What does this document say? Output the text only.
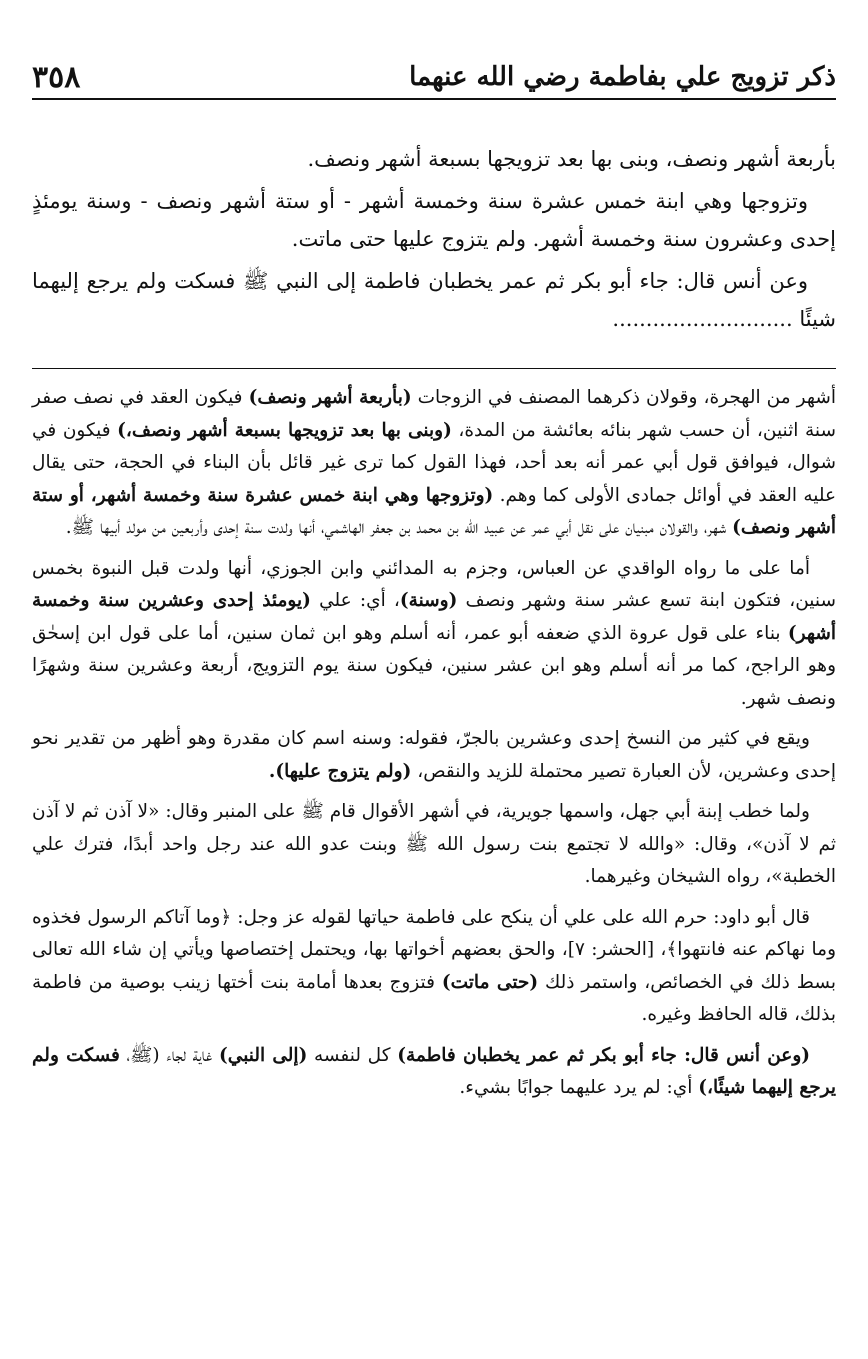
ذكر تزويج علي بفاطمة رضي الله عنهما
٣٥٨

بأربعة أشهر ونصف، وبنى بها بعد تزويجها بسبعة أشهر ونصف.

وتزوجها وهي ابنة خمس عشرة سنة وخمسة أشهر - أو ستة أشهر ونصف - وسنة يومئذٍ إحدى وعشرون سنة وخمسة أشهر. ولم يتزوج عليها حتى ماتت.

وعن أنس قال: جاء أبو بكر ثم عمر يخطبان فاطمة إلى النبي ﷺ فسكت ولم يرجع إليهما شيئًا ...........................

أشهر من الهجرة، وقولان ذكرهما المصنف في الزوجات (بأربعة أشهر ونصف) فيكون العقد في نصف صفر سنة اثنين، أن حسب شهر بنائه بعائشة من المدة، (وبنى بها بعد تزويجها بسبعة أشهر ونصف،) فيكون في شوال، فيوافق قول أبي عمر أنه بعد أحد، فهذا القول كما ترى غير قائل بأن البناء في الحجة، حتى يقال عليه العقد في أوائل جمادى الأولى كما وهم. (وتزوجها وهي ابنة خمس عشرة سنة وخمسة أشهر، أو ستة أشهر ونصف) شهر، والقولان مبنيان على نقل أبي عمر عن عبيد الله بن محمد بن جعفر الهاشمي، أنها ولدت سنة إحدى وأربعين من مولد أبيها ﷺ.

أما على ما رواه الواقدي عن العباس، وجزم به المدائني وابن الجوزي، أنها ولدت قبل النبوة بخمس سنين، فتكون ابنة تسع عشر سنة وشهر ونصف (وسنة)، أي: علي (يومئذ إحدى وعشرين سنة وخمسة أشهر) بناء على قول عروة الذي ضعفه أبو عمر، أنه أسلم وهو ابن ثمان سنين، أما على قول ابن إسحٰق وهو الراجح، كما مر أنه أسلم وهو ابن عشر سنين، فيكون سنة يوم التزويج، أربعة وعشرين سنة وشهرًا ونصف شهر.

ويقع في كثير من النسخ إحدى وعشرين بالجرّ، فقوله: وسنه اسم كان مقدرة وهو أظهر من تقدير نحو إحدى وعشرين، لأن العبارة تصير محتملة للزيد والنقص، (ولم يتزوج عليها).

ولما خطب إبنة أبي جهل، واسمها جويرية، في أشهر الأقوال قام ﷺ على المنبر وقال: «لا آذن ثم لا آذن ثم لا آذن»، وقال: «والله لا تجتمع بنت رسول الله ﷺ وبنت عدو الله عند رجل واحد أبدًا، فترك علي الخطبة»، رواه الشيخان وغيرهما.

قال أبو داود: حرم الله على علي أن ينكح على فاطمة حياتها لقوله عز وجل: ﴿وما آتاكم الرسول فخذوه وما نهاكم عنه فانتهوا﴾، [الحشر: ٧]، والحق بعضهم أخواتها بها، ويحتمل إختصاصها ويأتي إن شاء الله تعالى بسط ذلك في الخصائص، واستمر ذلك (حتى ماتت) فتزوج بعدها أمامة بنت أختها زينب بوصية من فاطمة بذلك، قاله الحافظ وغيره.

(وعن أنس قال: جاء أبو بكر ثم عمر يخطبان فاطمة) كل لنفسه (إلى النبي) غاية لجاء (ﷺ، فسكت ولم يرجع إليهما شيئًا،) أي: لم يرد عليهما جوابًا بشيء.
